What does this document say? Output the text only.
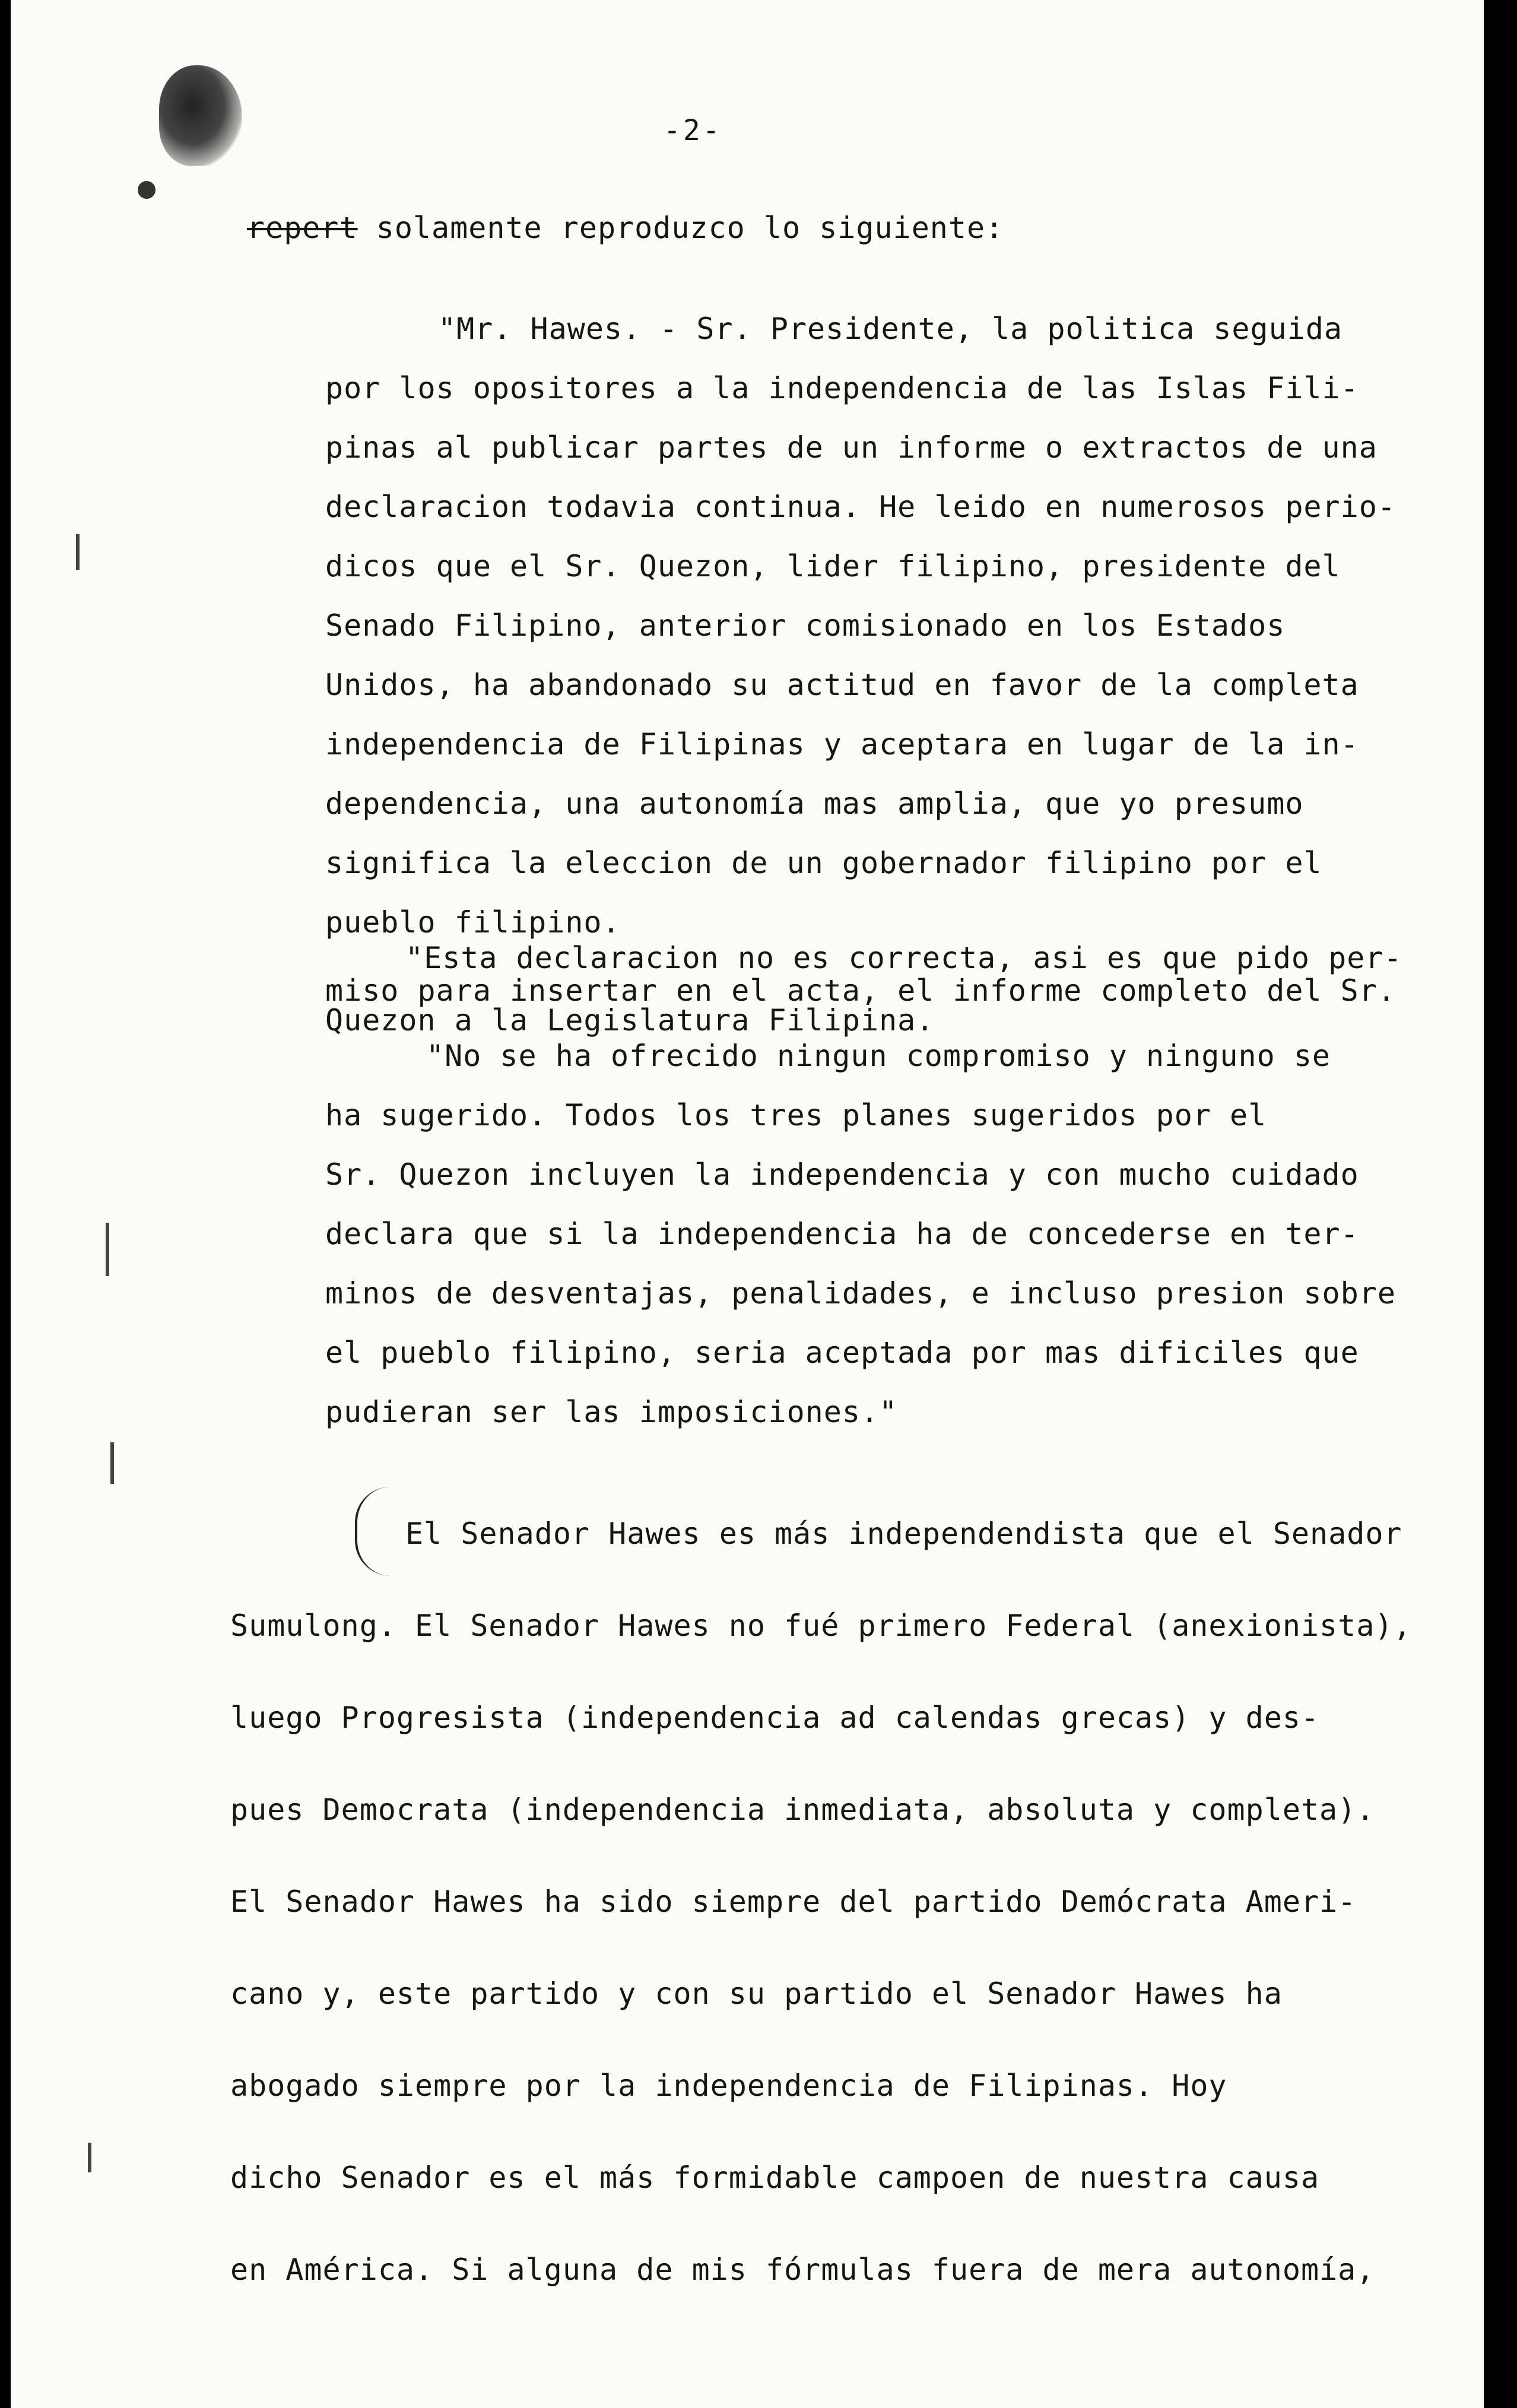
-2-
repert solamente reproduzco lo siguiente:
"Mr. Hawes. - Sr. Presidente, la politica seguida
por los opositores a la independencia de las Islas Fili-
pinas al publicar partes de un informe o extractos de una
declaracion todavia continua. He leido en numerosos perio-
dicos que el Sr. Quezon, lider filipino, presidente del
Senado Filipino, anterior comisionado en los Estados
Unidos, ha abandonado su actitud en favor de la completa
independencia de Filipinas y aceptara en lugar de la in-
dependencia, una autonomía mas amplia, que yo presumo
significa la eleccion de un gobernador filipino por el
pueblo filipino.
"Esta declaracion no es correcta, asi es que pido per-
miso para insertar en el acta, el informe completo del Sr.
Quezon a la Legislatura Filipina.
"No se ha ofrecido ningun compromiso y ninguno se
ha sugerido. Todos los tres planes sugeridos por el
Sr. Quezon incluyen la independencia y con mucho cuidado
declara que si la independencia ha de concederse en ter-
minos de desventajas, penalidades, e incluso presion sobre
el pueblo filipino, seria aceptada por mas dificiles que
pudieran ser las imposiciones."
El Senador Hawes es más independendista que el Senador
Sumulong. El Senador Hawes no fué primero Federal (anexionista),
luego Progresista (independencia ad calendas grecas) y des-
pues Democrata (independencia inmediata, absoluta y completa).
El Senador Hawes ha sido siempre del partido Demócrata Ameri-
cano y, este partido y con su partido el Senador Hawes ha
abogado siempre por la independencia de Filipinas. Hoy
dicho Senador es el más formidable campoen de nuestra causa
en América. Si alguna de mis fórmulas fuera de mera autonomía,
